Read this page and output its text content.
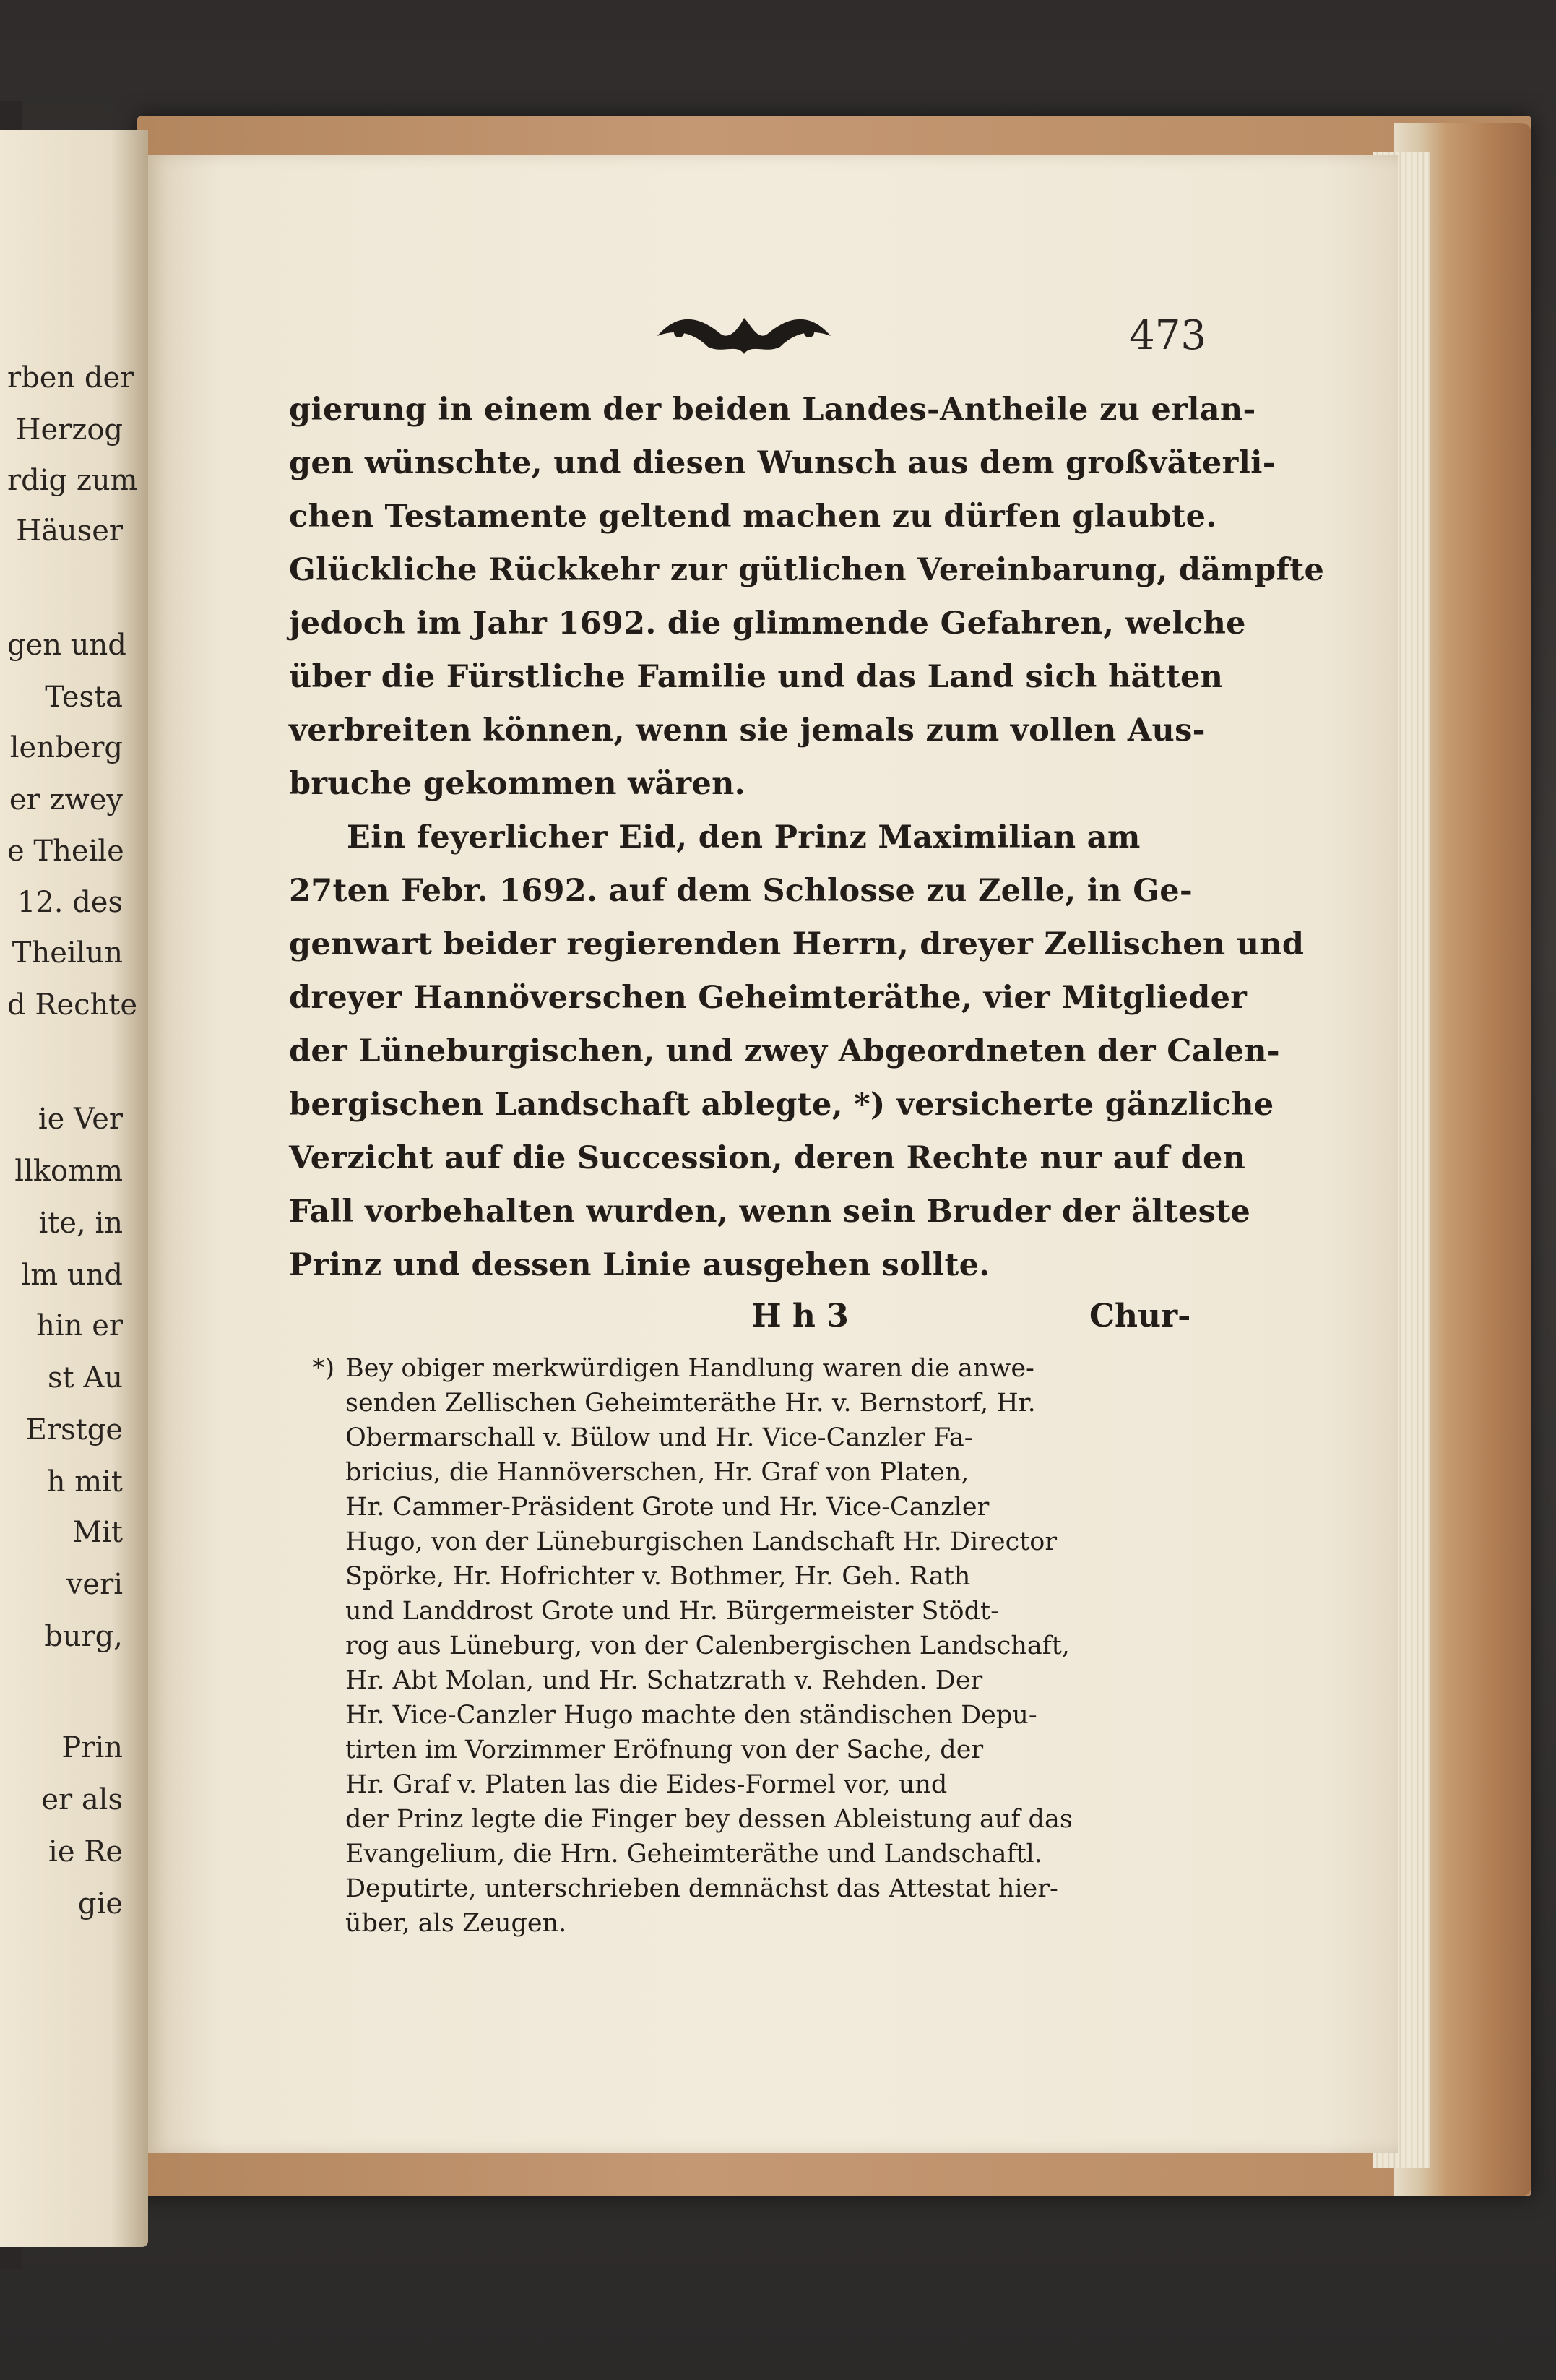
rben der
Herzog
rdig zum
Häuser
gen und
Testa
lenberg
er zwey
e Theile
12. des
Theilun
d Rechte
ie Ver
llkomm
ite, in
lm und
hin er
st Au
Erstge
h mit
Mit
veri
burg,
Prin
er als
ie Re
gie
473
gierung in einem der beiden Landes-Antheile zu erlan-
gen wünschte, und diesen Wunsch aus dem großväterli-
chen Testamente geltend machen zu dürfen glaubte.
Glückliche Rückkehr zur gütlichen Vereinbarung, dämpfte
jedoch im Jahr 1692. die glimmende Gefahren, welche
über die Fürstliche Familie und das Land sich hätten
verbreiten können, wenn sie jemals zum vollen Aus-
bruche gekommen wären.
Ein feyerlicher Eid, den Prinz Maximilian am
27ten Febr. 1692. auf dem Schlosse zu Zelle, in Ge-
genwart beider regierenden Herrn, dreyer Zellischen und
dreyer Hannöverschen Geheimteräthe, vier Mitglieder
der Lüneburgischen, und zwey Abgeordneten der Calen-
bergischen Landschaft ablegte, *) versicherte gänzliche
Verzicht auf die Succession, deren Rechte nur auf den
Fall vorbehalten wurden, wenn sein Bruder der älteste
Prinz und dessen Linie ausgehen sollte.
H h 3	Chur-
*) Bey obiger merkwürdigen Handlung waren die anwe-
senden Zellischen Geheimteräthe Hr. v. Bernstorf, Hr.
Obermarschall v. Bülow und Hr. Vice-Canzler Fa-
bricius, die Hannöverschen, Hr. Graf von Platen,
Hr. Cammer-Präsident Grote und Hr. Vice-Canzler
Hugo, von der Lüneburgischen Landschaft Hr. Director
Spörke, Hr. Hofrichter v. Bothmer, Hr. Geh. Rath
und Landdrost Grote und Hr. Bürgermeister Stödt-
rog aus Lüneburg, von der Calenbergischen Landschaft,
Hr. Abt Molan, und Hr. Schatzrath v. Rehden. Der
Hr. Vice-Canzler Hugo machte den ständischen Depu-
tirten im Vorzimmer Eröfnung von der Sache, der
Hr. Graf v. Platen las die Eides-Formel vor, und
der Prinz legte die Finger bey dessen Ableistung auf das
Evangelium, die Hrn. Geheimteräthe und Landschaftl.
Deputirte, unterschrieben demnächst das Attestat hier-
über, als Zeugen.
